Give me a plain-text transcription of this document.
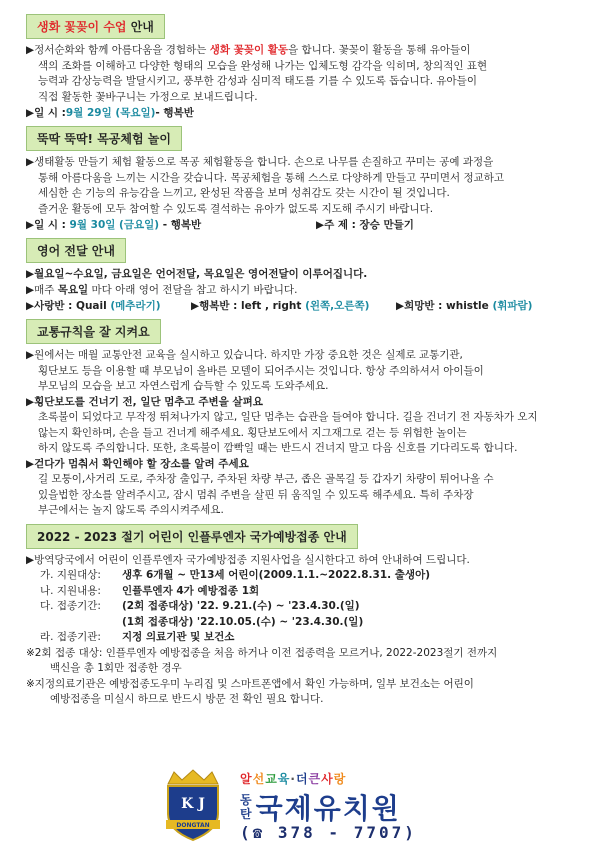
생화 꽃꽂이 수업 안내
▶정서순화와 함께 아름다움을 경험하는 생화 꽃꽂이 활동을 합니다. 꽃꽂이 활동을 통해 유아들이
색의 조화를 이해하고 다양한 형태의 모습을 완성해 나가는 입체도형 감각을 익히며, 창의적인 표현
능력과 감상능력을 발달시키고, 풍부한 감성과 심미적 태도를 기를 수 있도록 돕습니다. 유아들이
직접 활동한 꽃바구니는 가정으로 보내드립니다.
▶일 시 : 9월 29일 (목요일) - 행복반
뚝딱 뚝딱! 목공체험 놀이
▶생태활동 만들기 체험 활동으로 목공 체험활동을 합니다. 손으로 나무를 손질하고 꾸미는 공예 과정을
통해 아름다움을 느끼는 시간을 갖습니다. 목공체험을 통해 스스로 다양하게 만들고 꾸미면서 정교하고
세심한 손 기능의 유능감을 느끼고, 완성된 작품을 보며 성취감도 갖는 시간이 될 것입니다.
즐거운 활동에 모두 참여할 수 있도록 결석하는 유아가 없도록 지도해 주시기 바랍니다.
▶일 시 : 9월 30일 (금요일) - 행복반	▶주 제 : 장승 만들기
영어 전달 안내
▶월요일~수요일, 금요일은 언어전달, 목요일은 영어전달이 이루어집니다.
▶매주 목요일 마다 아래 영어 전달을 참고 하시기 바랍니다.
▶사랑반 : Quail (메추라기)	▶행복반 : left , right (왼쪽,오른쪽)	▶희망반 : whistle (휘파람)
교통규칙을 잘 지켜요
▶원에서는 매월 교통안전 교육을 실시하고 있습니다. 하지만 가장 중요한 것은 실제로 교통기관,
횡단보도 등을 이용할 때 부모님이 올바른 모델이 되어주시는 것입니다. 항상 주의하셔서 아이들이
부모님의 모습을 보고 자연스럽게 습득할 수 있도록 도와주세요.
▶횡단보도를 건너기 전, 일단 멈추고 주변을 살펴요
초록불이 되었다고 무작정 뛰쳐나가지 않고, 일단 멈추는 습관을 들여야 합니다. 길을 건너기 전 자동차가 오지
않는지 확인하며, 손을 들고 건너게 해주세요. 횡단보도에서 지그재그로 걷는 등 위험한 놀이는
하지 않도록 주의합니다. 또한, 초록불이 깜빡일 때는 반드시 건너지 말고 다음 신호를 기다리도록 합니다.
▶걷다가 멈춰서 확인해야 할 장소를 알려 주세요
길 모퉁이,사거리 도로, 주차장 출입구, 주차된 차량 부근, 좁은 골목길 등 갑자기 차량이 튀어나올 수
있을법한 장소를 알려주시고, 잠시 멈춰 주변을 살핀 뒤 움직일 수 있도록 해주세요. 특히 주차장
부근에서는 놀지 않도록 주의시켜주세요.
2022 - 2023 절기 어린이 인플루엔자 국가예방접종 안내
▶방역당국에서 어린이 인플루엔자 국가예방접종 지원사업을 실시한다고 하여 안내하여 드립니다.
가. 지원대상:	생후 6개월 ~ 만13세 어린이(2009.1.1.~2022.8.31. 출생아)
나. 지원내용:	인플루엔자 4가 예방접종 1회
다. 접종기간:	(2회 접종대상) '22. 9.21.(수) ~ '23.4.30.(일)
(1회 접종대상) '22.10.05.(수) ~ '23.4.30.(일)
라. 접종기관:	지정 의료기관 및 보건소
※2회 접종 대상: 인플루엔자 예방접종을 처음 하거나 이전 접종력을 모르거나, 2022-2023절기 전까지
백신을 총 1회만 접종한 경우
※지정의료기관은 예방접종도우미 누리집 및 스마트폰앱에서 확인 가능하며, 일부 보건소는 어린이
예방접종을 미실시 하므로 반드시 방문 전 확인 필요 합니다.
K J
DONGTAN
알선교육·더큰사랑
동
탄 국제유치원
(☎ 378 - 7707)
